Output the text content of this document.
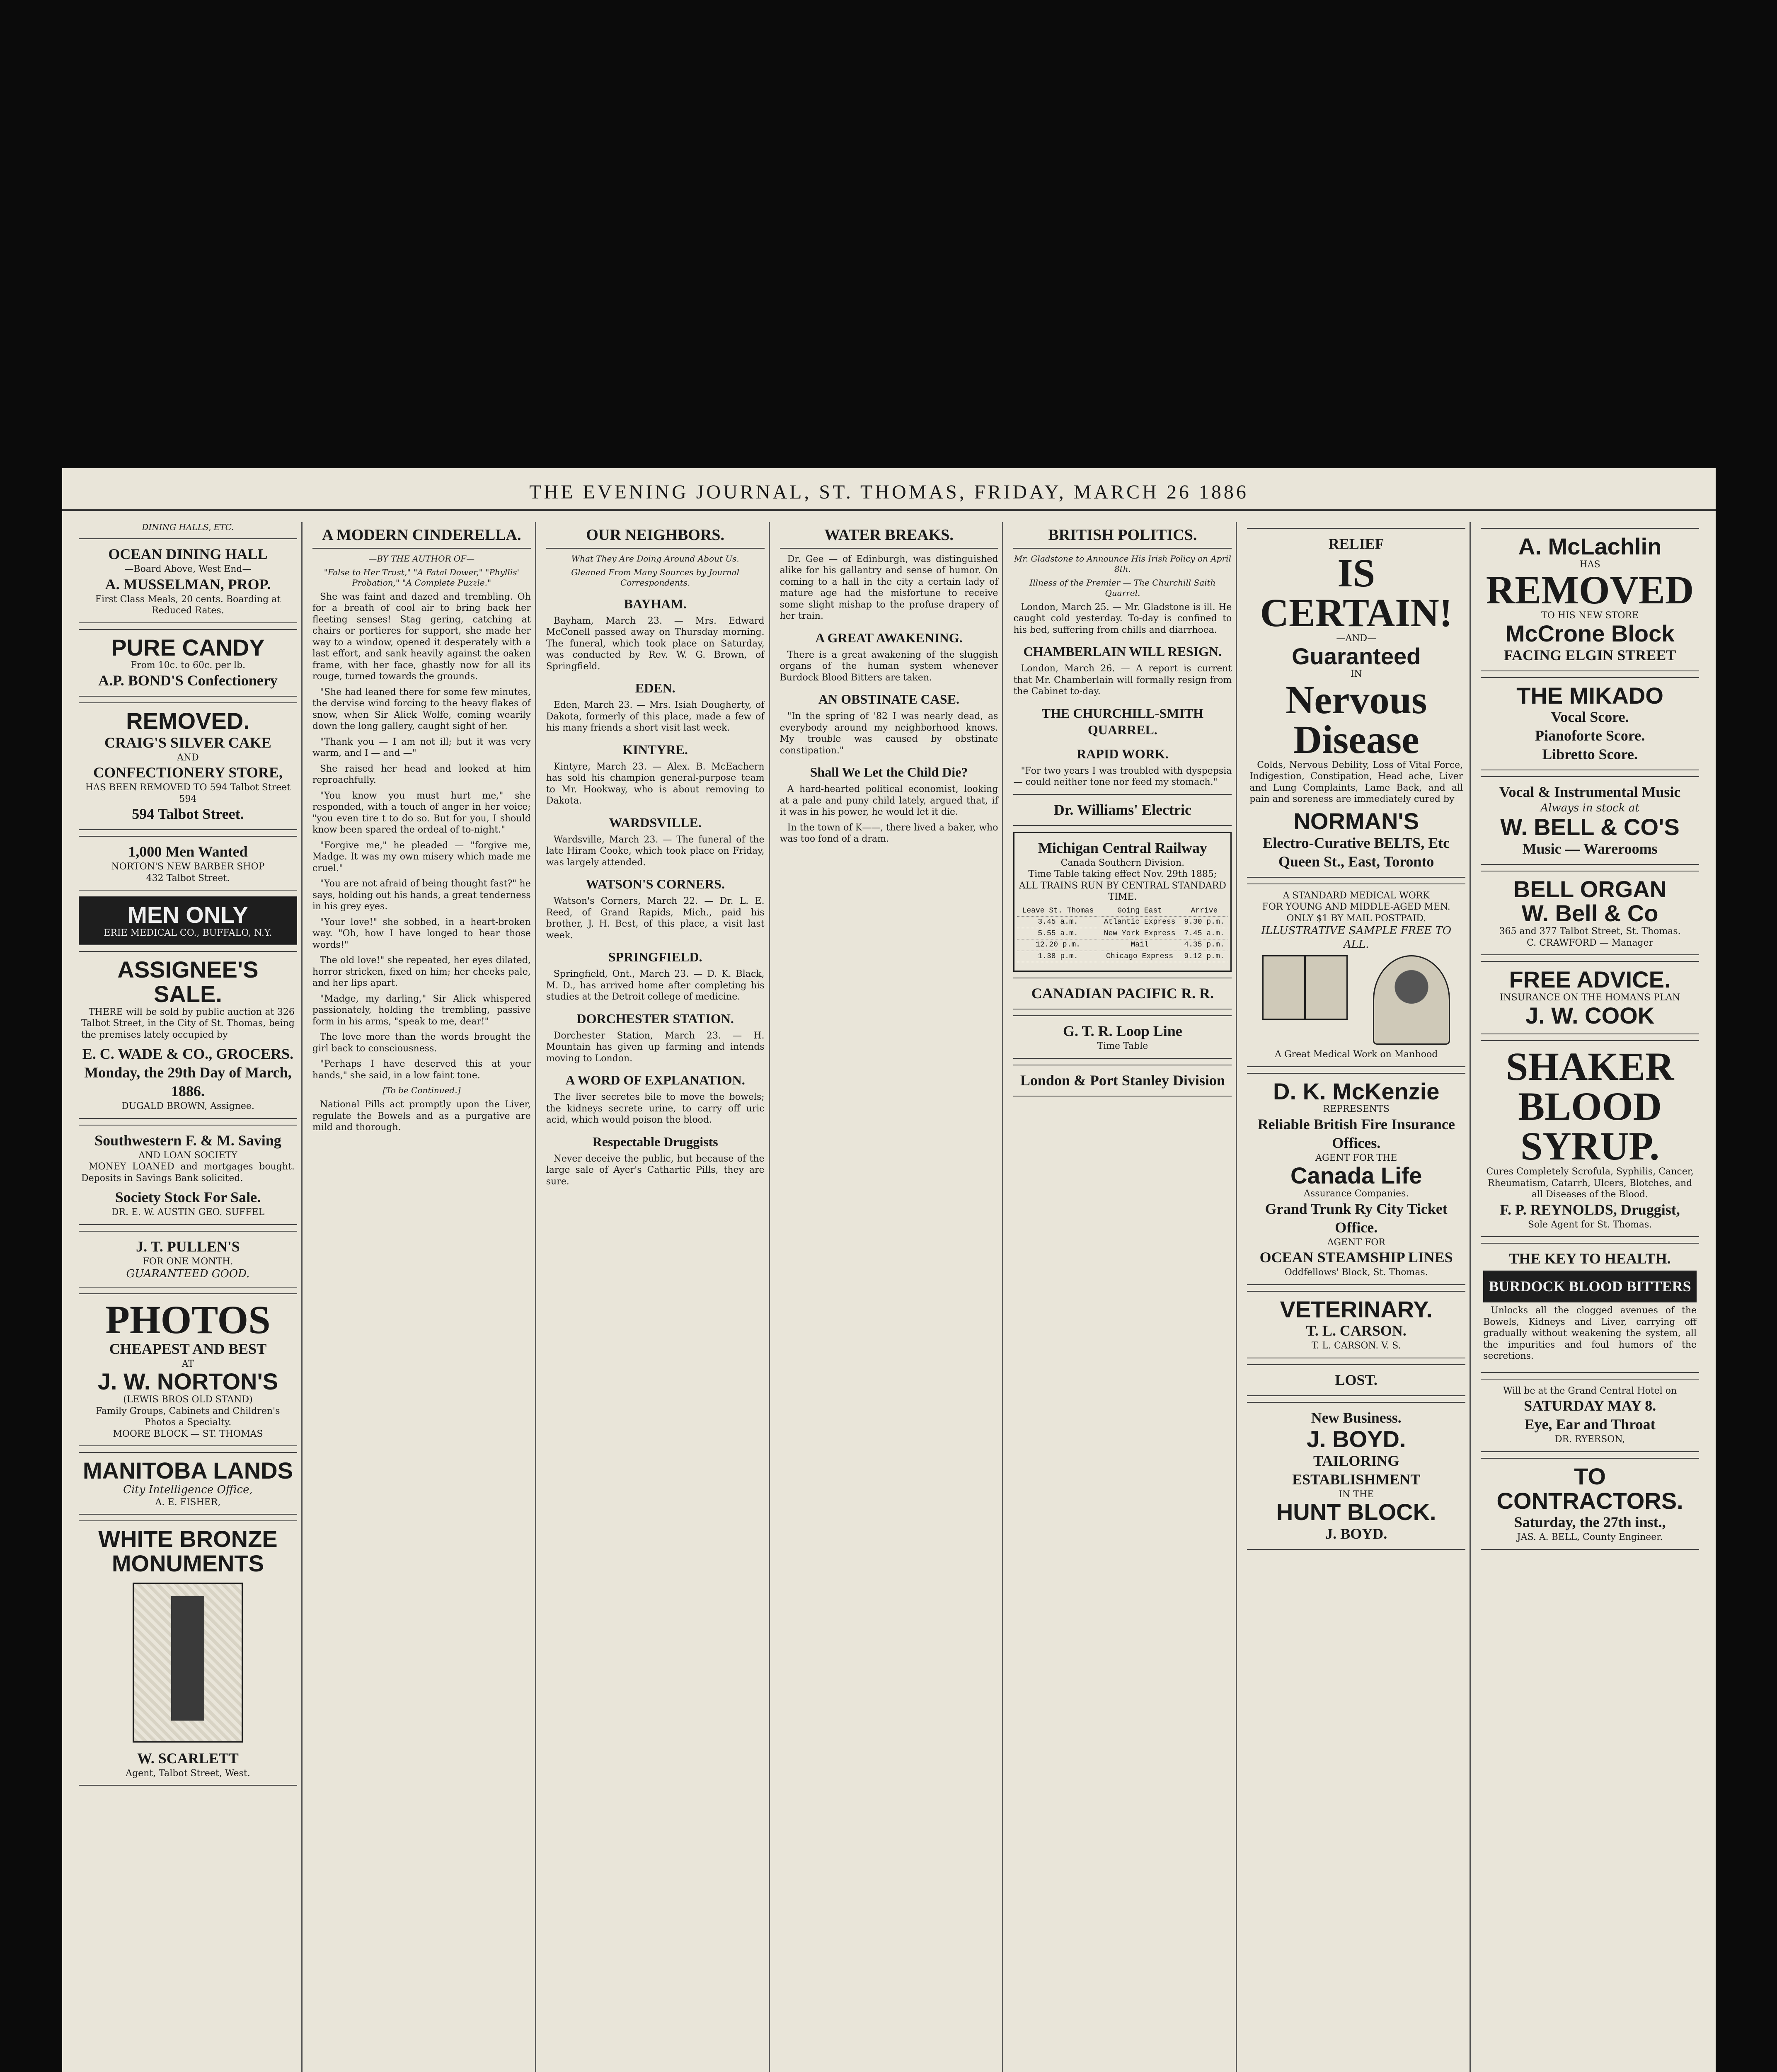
THE EVENING JOURNAL, ST. THOMAS, FRIDAY, MARCH 26 1886
DINING HALLS, ETC.
OCEAN DINING HALL
—Board Above, West End—
A. MUSSELMAN, PROP.
First Class Meals, 20 cents. Boarding at Reduced Rates.
PURE CANDY
From 10c. to 60c. per lb.
A.P. BOND'S Confectionery
REMOVED.
CRAIG'S SILVER CAKE
AND
CONFECTIONERY STORE,
HAS BEEN REMOVED TO 594 Talbot Street 594
594 Talbot Street.
1,000 Men Wanted
NORTON'S NEW BARBER SHOP
432 Talbot Street.
MEN ONLY
ERIE MEDICAL CO., BUFFALO, N.Y.
ASSIGNEE'S SALE.

THERE will be sold by public auction at 326 Talbot Street, in the City of St. Thomas, being the premises lately occupied by

E. C. WADE & CO., GROCERS.
Monday, the 29th Day of March, 1886.
DUGALD BROWN, Assignee.
Southwestern F. & M. Saving
AND LOAN SOCIETY

MONEY LOANED and mortgages bought. Deposits in Savings Bank solicited.

Society Stock For Sale.
DR. E. W. AUSTIN GEO. SUFFEL
J. T. PULLEN'S
FOR ONE MONTH.
GUARANTEED GOOD.
PHOTOS
CHEAPEST AND BEST
AT
J. W. NORTON'S
(LEWIS BROS OLD STAND)
Family Groups, Cabinets and Children's Photos a Specialty.
MOORE BLOCK — ST. THOMAS
MANITOBA LANDS
City Intelligence Office,
A. E. FISHER,
WHITE BRONZE
MONUMENTS
W. SCARLETT
Agent, Talbot Street, West.
A MODERN CINDERELLA.
—BY THE AUTHOR OF—
"False to Her Trust," "A Fatal Dower," "Phyllis' Probation," "A Complete Puzzle."

She was faint and dazed and trembling. Oh for a breath of cool air to bring back her fleeting senses! Stag gering, catching at chairs or portieres for support, she made her way to a window, opened it desperately with a last effort, and sank heavily against the oaken frame, with her face, ghastly now for all its rouge, turned towards the grounds.

"She had leaned there for some few minutes, the dervise wind forcing to the heavy flakes of snow, when Sir Alick Wolfe, coming wearily down the long gallery, caught sight of her.

"Thank you — I am not ill; but it was very warm, and I — and —"

She raised her head and looked at him reproachfully.

"You know you must hurt me," she responded, with a touch of anger in her voice; "you even tire t to do so. But for you, I should know been spared the ordeal of to-night."

"Forgive me," he pleaded — "forgive me, Madge. It was my own misery which made me cruel."

"You are not afraid of being thought fast?" he says, holding out his hands, a great tenderness in his grey eyes.

"Your love!" she sobbed, in a heart-broken way. "Oh, how I have longed to hear those words!"

The old love!" she repeated, her eyes dilated, horror stricken, fixed on him; her cheeks pale, and her lips apart.

"Madge, my darling," Sir Alick whispered passionately, holding the trembling, passive form in his arms, "speak to me, dear!"

The love more than the words brought the girl back to consciousness.

"Perhaps I have deserved this at your hands," she said, in a low faint tone.

[To be Continued.]

National Pills act promptly upon the Liver, regulate the Bowels and as a purgative are mild and thorough.

OUR NEIGHBORS.
What They Are Doing Around About Us.
Gleaned From Many Sources by Journal Correspondents.
BAYHAM.

Bayham, March 23. — Mrs. Edward McConell passed away on Thursday morning. The funeral, which took place on Saturday, was conducted by Rev. W. G. Brown, of Springfield.

EDEN.

Eden, March 23. — Mrs. Isiah Dougherty, of Dakota, formerly of this place, made a few of his many friends a short visit last week.

KINTYRE.

Kintyre, March 23. — Alex. B. McEachern has sold his champion general-purpose team to Mr. Hookway, who is about removing to Dakota.

WARDSVILLE.

Wardsville, March 23. — The funeral of the late Hiram Cooke, which took place on Friday, was largely attended.

WATSON'S CORNERS.

Watson's Corners, March 22. — Dr. L. E. Reed, of Grand Rapids, Mich., paid his brother, J. H. Best, of this place, a visit last week.

SPRINGFIELD.

Springfield, Ont., March 23. — D. K. Black, M. D., has arrived home after completing his studies at the Detroit college of medicine.

DORCHESTER STATION.

Dorchester Station, March 23. — H. Mountain has given up farming and intends moving to London.

A WORD OF EXPLANATION.

The liver secretes bile to move the bowels; the kidneys secrete urine, to carry off uric acid, which would poison the blood.

Respectable Druggists

Never deceive the public, but because of the large sale of Ayer's Cathartic Pills, they are sure.

WATER BREAKS.

Dr. Gee — of Edinburgh, was distinguished alike for his gallantry and sense of humor. On coming to a hall in the city a certain lady of mature age had the misfortune to receive some slight mishap to the profuse drapery of her train.

A GREAT AWAKENING.

There is a great awakening of the sluggish organs of the human system whenever Burdock Blood Bitters are taken.

AN OBSTINATE CASE.

"In the spring of '82 I was nearly dead, as everybody around my neighborhood knows. My trouble was caused by obstinate constipation."

Shall We Let the Child Die?

A hard-hearted political economist, looking at a pale and puny child lately, argued that, if it was in his power, he would let it die.

In the town of K——, there lived a baker, who was too fond of a dram.

BRITISH POLITICS.
Mr. Gladstone to Announce His Irish Policy on April 8th.
Illness of the Premier — The Churchill Saith Quarrel.

London, March 25. — Mr. Gladstone is ill. He caught cold yesterday. To-day is confined to his bed, suffering from chills and diarrhoea.

CHAMBERLAIN WILL RESIGN.

London, March 26. — A report is current that Mr. Chamberlain will formally resign from the Cabinet to-day.

THE CHURCHILL-SMITH QUARREL.
RAPID WORK.

"For two years I was troubled with dyspepsia — could neither tone nor feed my stomach."

Dr. Williams' Electric
Michigan Central Railway
Canada Southern Division.
Time Table taking effect Nov. 29th 1885;
ALL TRAINS RUN BY CENTRAL STANDARD TIME.
Leave St. Thomas	Going East	Arrive
3.45 a.m.	Atlantic Express	9.30 p.m.
5.55 a.m.	New York Express	7.45 a.m.
12.20 p.m.	Mail	4.35 p.m.
1.38 p.m.	Chicago Express	9.12 p.m.
CANADIAN PACIFIC R. R.
G. T. R. Loop Line
Time Table
London & Port Stanley Division
RELIEF
IS CERTAIN!
—AND—
Guaranteed
IN
Nervous
Disease

Colds, Nervous Debility, Loss of Vital Force, Indigestion, Constipation, Head ache, Liver and Lung Complaints, Lame Back, and all pain and soreness are immediately cured by

NORMAN'S
Electro-Curative BELTS, Etc
Queen St., East, Toronto
A STANDARD MEDICAL WORK
FOR YOUNG AND MIDDLE-AGED MEN.
ONLY $1 BY MAIL POSTPAID.
ILLUSTRATIVE SAMPLE FREE TO ALL.
A Great Medical Work on Manhood
D. K. McKenzie
REPRESENTS
Reliable British Fire Insurance Offices.
AGENT FOR THE
Canada Life
Assurance Companies.
Grand Trunk Ry City Ticket Office.
AGENT FOR
OCEAN STEAMSHIP LINES
Oddfellows' Block, St. Thomas.
VETERINARY.
T. L. CARSON.
T. L. CARSON. V. S.
LOST.
New Business.
J. BOYD.
TAILORING ESTABLISHMENT
IN THE
HUNT BLOCK.
J. BOYD.
A. McLachlin
HAS
REMOVED
TO HIS NEW STORE
McCrone Block
FACING ELGIN STREET
THE MIKADO
Vocal Score.
Pianoforte Score.
Libretto Score.
Vocal & Instrumental Music
Always in stock at
W. BELL & CO'S
Music — Warerooms
BELL ORGAN
W. Bell & Co
365 and 377 Talbot Street, St. Thomas.
C. CRAWFORD — Manager
FREE ADVICE.
INSURANCE ON THE HOMANS PLAN
J. W. COOK
SHAKER BLOOD SYRUP.
Cures Completely Scrofula, Syphilis, Cancer, Rheumatism, Catarrh, Ulcers, Blotches, and all Diseases of the Blood.
F. P. REYNOLDS, Druggist,
Sole Agent for St. Thomas.
THE KEY TO HEALTH.
BURDOCK BLOOD BITTERS

Unlocks all the clogged avenues of the Bowels, Kidneys and Liver, carrying off gradually without weakening the system, all the impurities and foul humors of the secretions.

Will be at the Grand Central Hotel on
SATURDAY MAY 8.
Eye, Ear and Throat
DR. RYERSON,
TO CONTRACTORS.
Saturday, the 27th inst.,
JAS. A. BELL, County Engineer.
